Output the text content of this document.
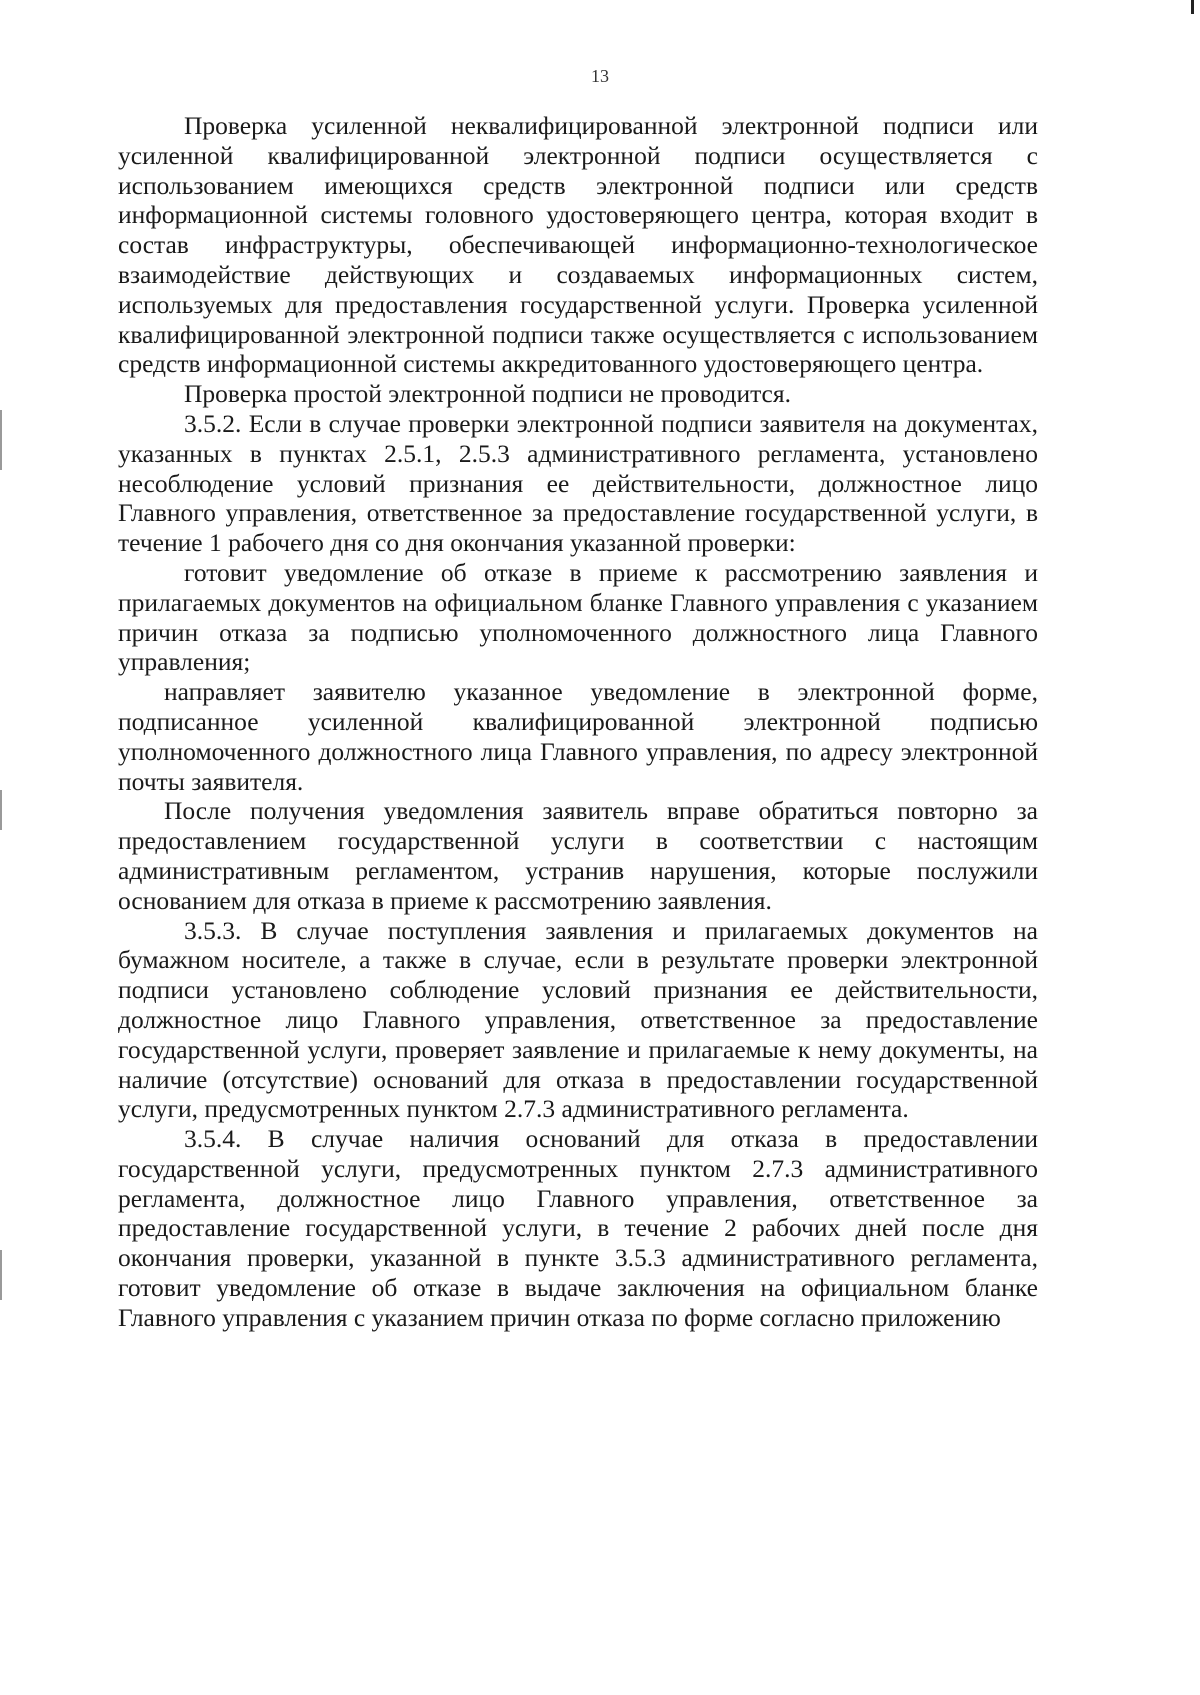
13

Проверка усиленной неквалифицированной электронной подписи или усиленной квалифицированной электронной подписи осуществляется с использованием имеющихся средств электронной подписи или средств информационной системы головного удостоверяющего центра, которая входит в состав инфраструктуры, обеспечивающей информационно-технологическое взаимодействие действующих и создаваемых информационных систем, используемых для предоставления государственной услуги. Проверка усиленной квалифицированной электронной подписи также осуществляется с использованием средств информационной системы аккредитованного удостоверяющего центра.

Проверка простой электронной подписи не проводится.

3.5.2. Если в случае проверки электронной подписи заявителя на документах, указанных в пунктах 2.5.1, 2.5.3 административного регламента, установлено несоблюдение условий признания ее действительности, должностное лицо Главного управления, ответственное за предоставление государственной услуги, в течение 1 рабочего дня со дня окончания указанной проверки:

готовит уведомление об отказе в приеме к рассмотрению заявления и прилагаемых документов на официальном бланке Главного управления с указанием причин отказа за подписью уполномоченного должностного лица Главного управления;

направляет заявителю указанное уведомление в электронной форме, подписанное усиленной квалифицированной электронной подписью уполномоченного должностного лица Главного управления, по адресу электронной почты заявителя.

После получения уведомления заявитель вправе обратиться повторно за предоставлением государственной услуги в соответствии с настоящим административным регламентом, устранив нарушения, которые послужили основанием для отказа в приеме к рассмотрению заявления.

3.5.3. В случае поступления заявления и прилагаемых документов на бумажном носителе, а также в случае, если в результате проверки электронной подписи установлено соблюдение условий признания ее действительности, должностное лицо Главного управления, ответственное за предоставление государственной услуги, проверяет заявление и прилагаемые к нему документы, на наличие (отсутствие) оснований для отказа в предоставлении государственной услуги, предусмотренных пунктом 2.7.3 административного регламента.

3.5.4. В случае наличия оснований для отказа в предоставлении государственной услуги, предусмотренных пунктом 2.7.3 административного регламента, должностное лицо Главного управления, ответственное за предоставление государственной услуги, в течение 2 рабочих дней после дня окончания проверки, указанной в пункте 3.5.3 административного регламента, готовит уведомление об отказе в выдаче заключения на официальном бланке Главного управления с указанием причин отказа по форме согласно приложению
